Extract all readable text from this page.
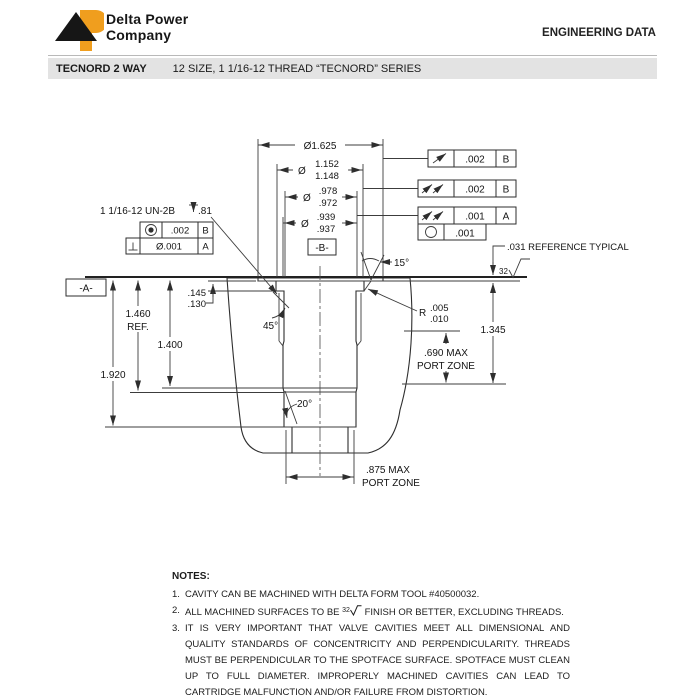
Delta Power
Company	ENGINEERING DATA
TECNORD 2 WAY 12 SIZE, 1 1/16-12 THREAD “TECNORD” SERIES
Ø1.625
Ø
1.152
1.148
Ø
.978
.972
Ø
.939
.937
-B-
.002 B
.002 B
.001 A
.001
1 1/16-12 UN-2B .81
.002 B
Ø.001 A
-A-	.145
.130
1.460
REF.
1.400
1.920
45°
20°
15°
R .005
.010
.031 REFERENCE TYPICAL
32
1.345
.690 MAX
PORT ZONE
.875 MAX
PORT ZONE
NOTES:
1. CAVITY CAN BE MACHINED WITH DELTA FORM TOOL #40500032.
2. ALL MACHINED SURFACES TO BE $^{32}$ FINISH OR BETTER, EXCLUDING THREADS.
3. IT IS VERY IMPORTANT THAT VALVE CAVITIES MEET ALL DIMENSIONAL AND QUALITY STANDARDS OF CONCENTRICITY AND PERPENDICULARITY. THREADS MUST BE PERPENDICULAR TO THE SPOTFACE SURFACE. SPOTFACE MUST CLEAN UP TO FULL DIAMETER. IMPROPERLY MACHINED CAVITIES CAN LEAD TO CARTRIDGE MALFUNCTION AND/OR FAILURE FROM DISTORTION.
